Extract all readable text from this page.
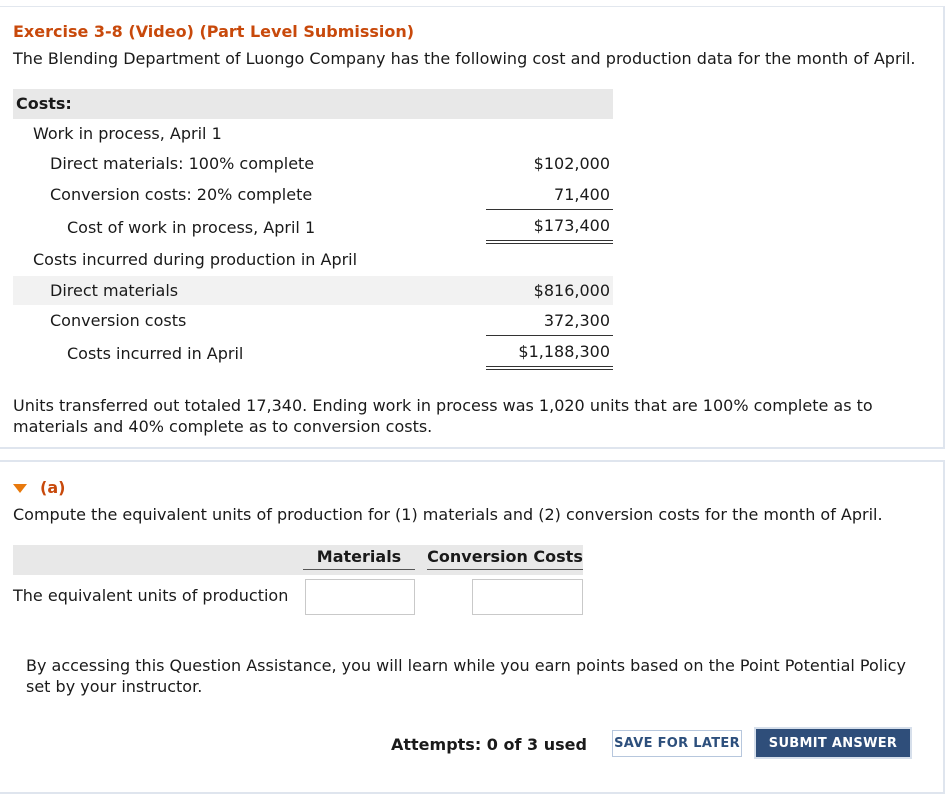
Exercise 3-8 (Video) (Part Level Submission)
The Blending Department of Luongo Company has the following cost and production data for the month of April.
Costs:
Work in process, April 1
Direct materials: 100% complete	$102,000
Conversion costs: 20% complete	71,400
Cost of work in process, April 1	$173,400
Costs incurred during production in April
Direct materials	$816,000
Conversion costs	372,300
Costs incurred in April	$1,188,300
Units transferred out totaled 17,340. Ending work in process was 1,020 units that are 100% complete as to materials and 40% complete as to conversion costs.
(a)
Compute the equivalent units of production for (1) materials and (2) conversion costs for the month of April.
Materials	Conversion Costs
The equivalent units of production
By accessing this Question Assistance, you will learn while you earn points based on the Point Potential Policy set by your instructor.
Attempts: 0 of 3 used SAVE FOR LATER	SUBMIT ANSWER
